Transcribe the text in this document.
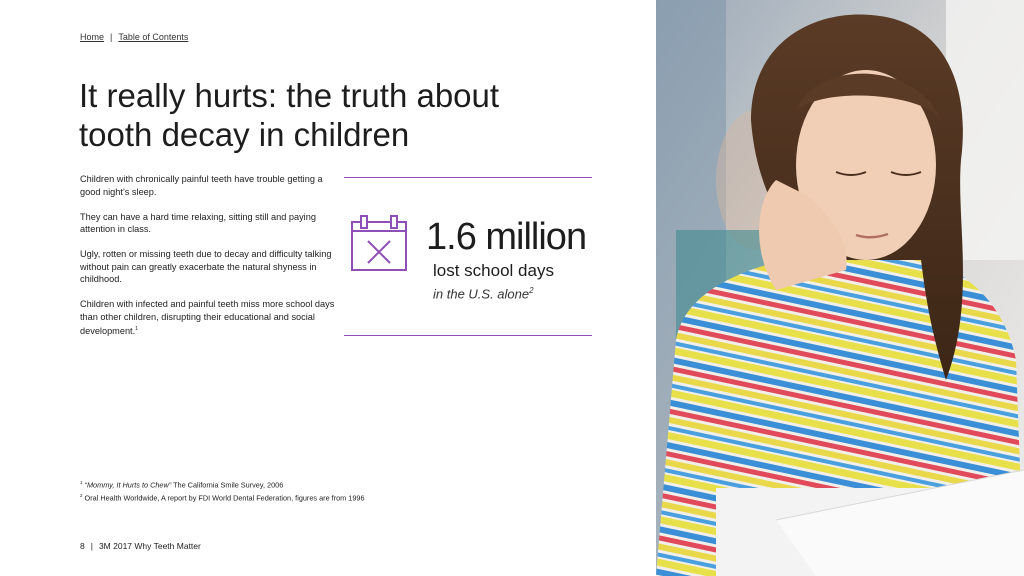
Home | Table of Contents
It really hurts: the truth about
tooth decay in children

Children with chronically painful teeth have trouble getting a good night’s sleep.

They can have a hard time relaxing, sitting still and paying attention in class.

Ugly, rotten or missing teeth due to decay and difficulty talking without pain can greatly exacerbate the natural shyness in childhood.

Children with infected and painful teeth miss more school days than other children, disrupting their educational and social development.$^1$

1.6 million
lost school days
in the U.S. alone$^2$
$^1$ “Mommy, It Hurts to Chew” The California Smile Survey, 2006
$^2$ Oral Health Worldwide, A report by FDI World Dental Federation, figures are from 1996
8 | 3M 2017 Why Teeth Matter
